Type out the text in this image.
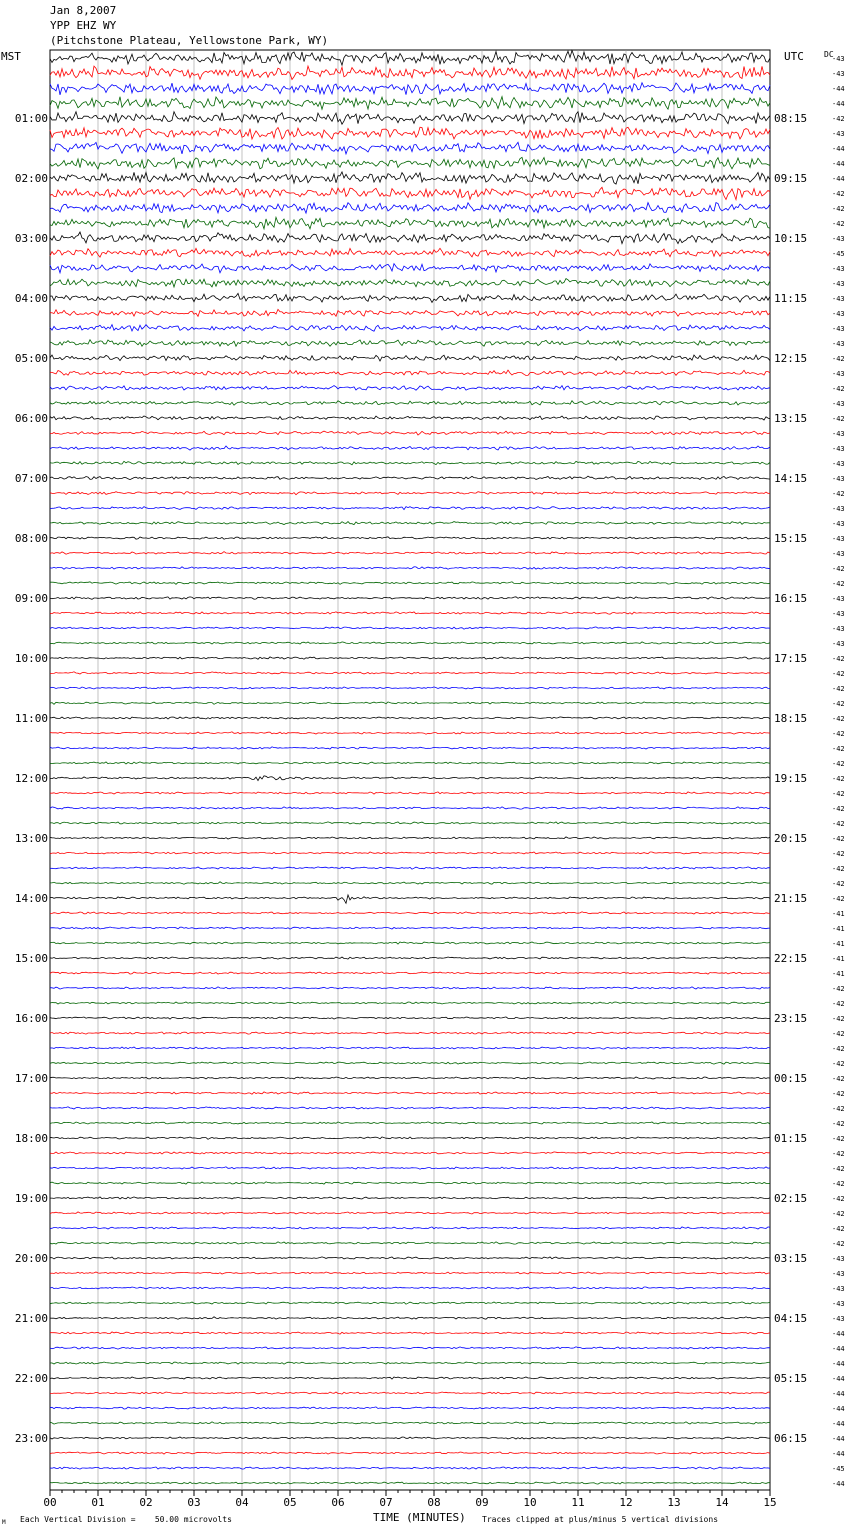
Jan 8,2007
YPP EHZ WY
(Pitchstone Plateau, Yellowstone Park, WY)
MST	UTC	DC
00	01	02	03	04	05	06	07	08	09	10	11	12	13	14	15
-43
-43
-44
-44
-42
-43
-44
-44
-44
-42
-42
-42
-43
-45
-43
-43
-43
-43
-43
-43
-42
-43
-42
-43
-42
-43
-43
-43
-43
-42
-43
-43
-43
-43
-42
-42
-43
-43
-43
-43
-42
-42
-42
-42
-42
-42
-42
-42
-42
-42
-42
-42
-42
-42
-42
-42
-42
-41
-41
-41
-41
-41
-42
-42
-42
-42
-42
-42
-42
-42
-42
-42
-42
-42
-42
-42
-42
-42
-42
-42
-43
-43
-43
-43
-43
-44
-44
-44
-44
-44
-44
-44
-44
-44
-45
-44
01:00
02:00
03:00
04:00
05:00
06:00
07:00
08:00
09:00
10:00
11:00
12:00
13:00
14:00
15:00
16:00
17:00
18:00
19:00
20:00
21:00
22:00
23:00
08:15
09:15
10:15
11:15
12:15
13:15
14:15
15:15
16:15
17:15
18:15
19:15
20:15
21:15
22:15
23:15
00:15
01:15
02:15
03:15
04:15
05:15
06:15
M Each Vertical Division =    50.00 microvolts	TIME (MINUTES) Traces clipped at plus/minus 5 vertical divisions
